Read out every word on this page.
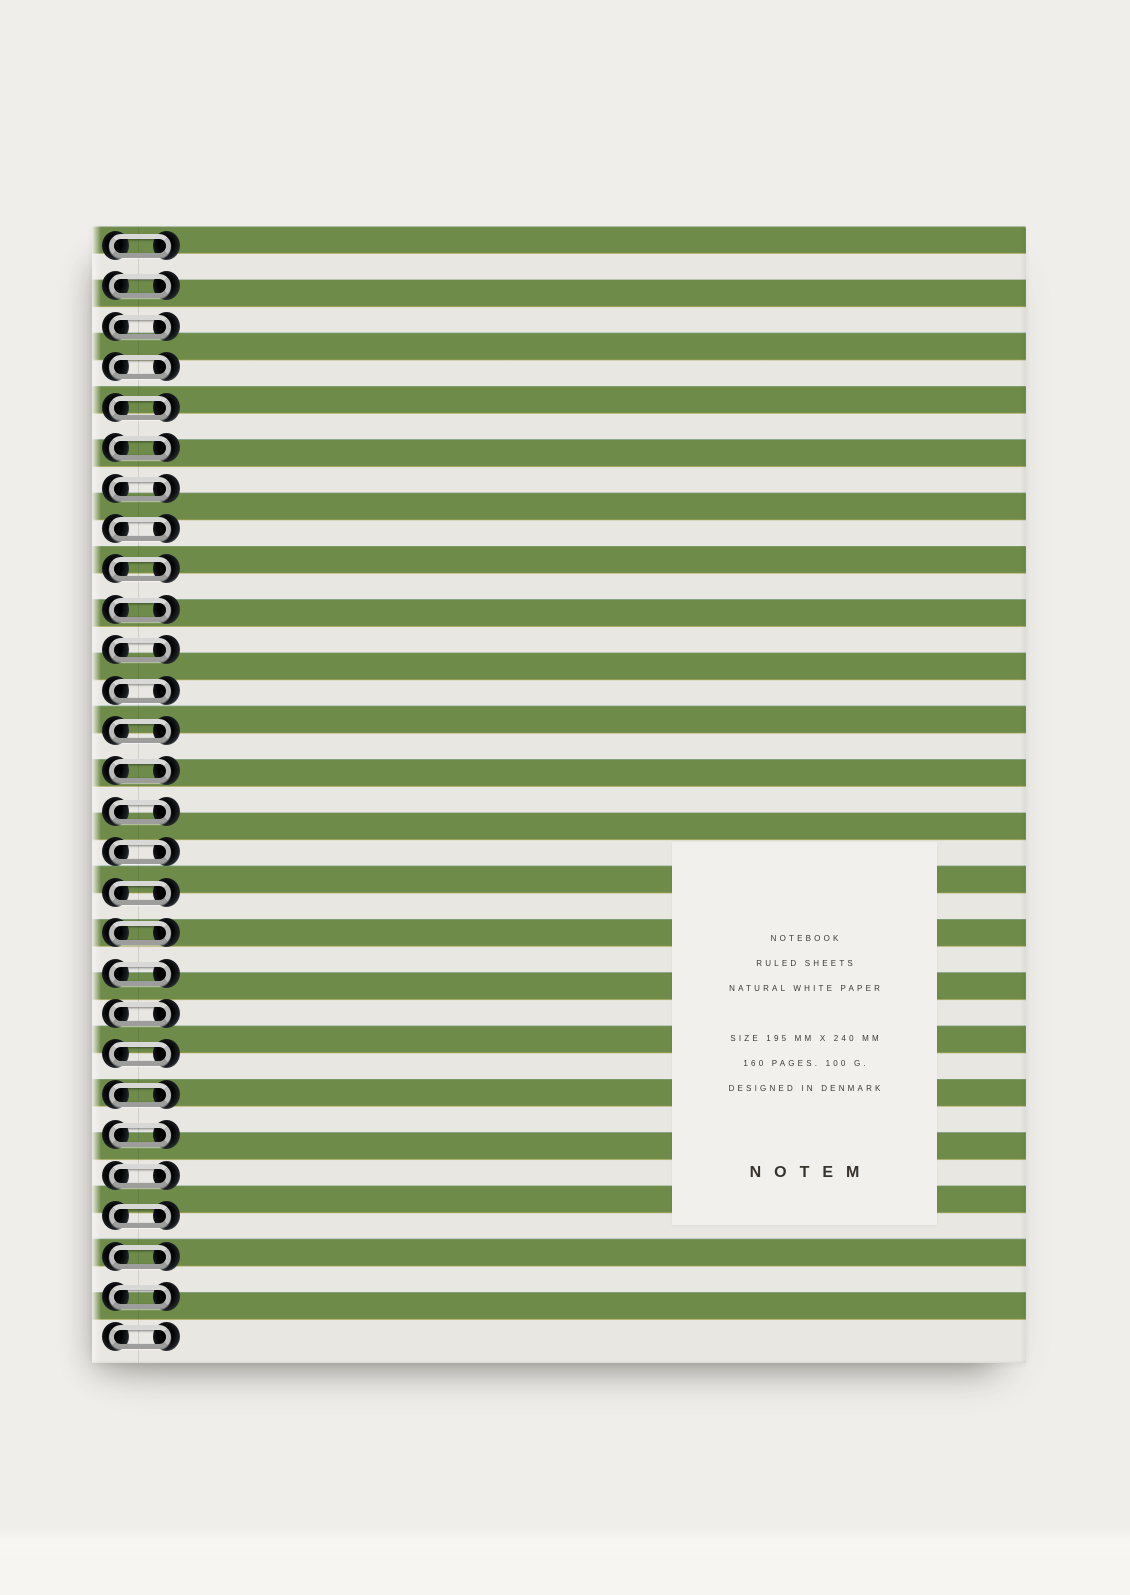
NOTEBOOK
RULED SHEETS
NATURAL WHITE PAPER
SIZE 195 MM X 240 MM
160 PAGES. 100 G.
DESIGNED IN DENMARK
NOTEM
